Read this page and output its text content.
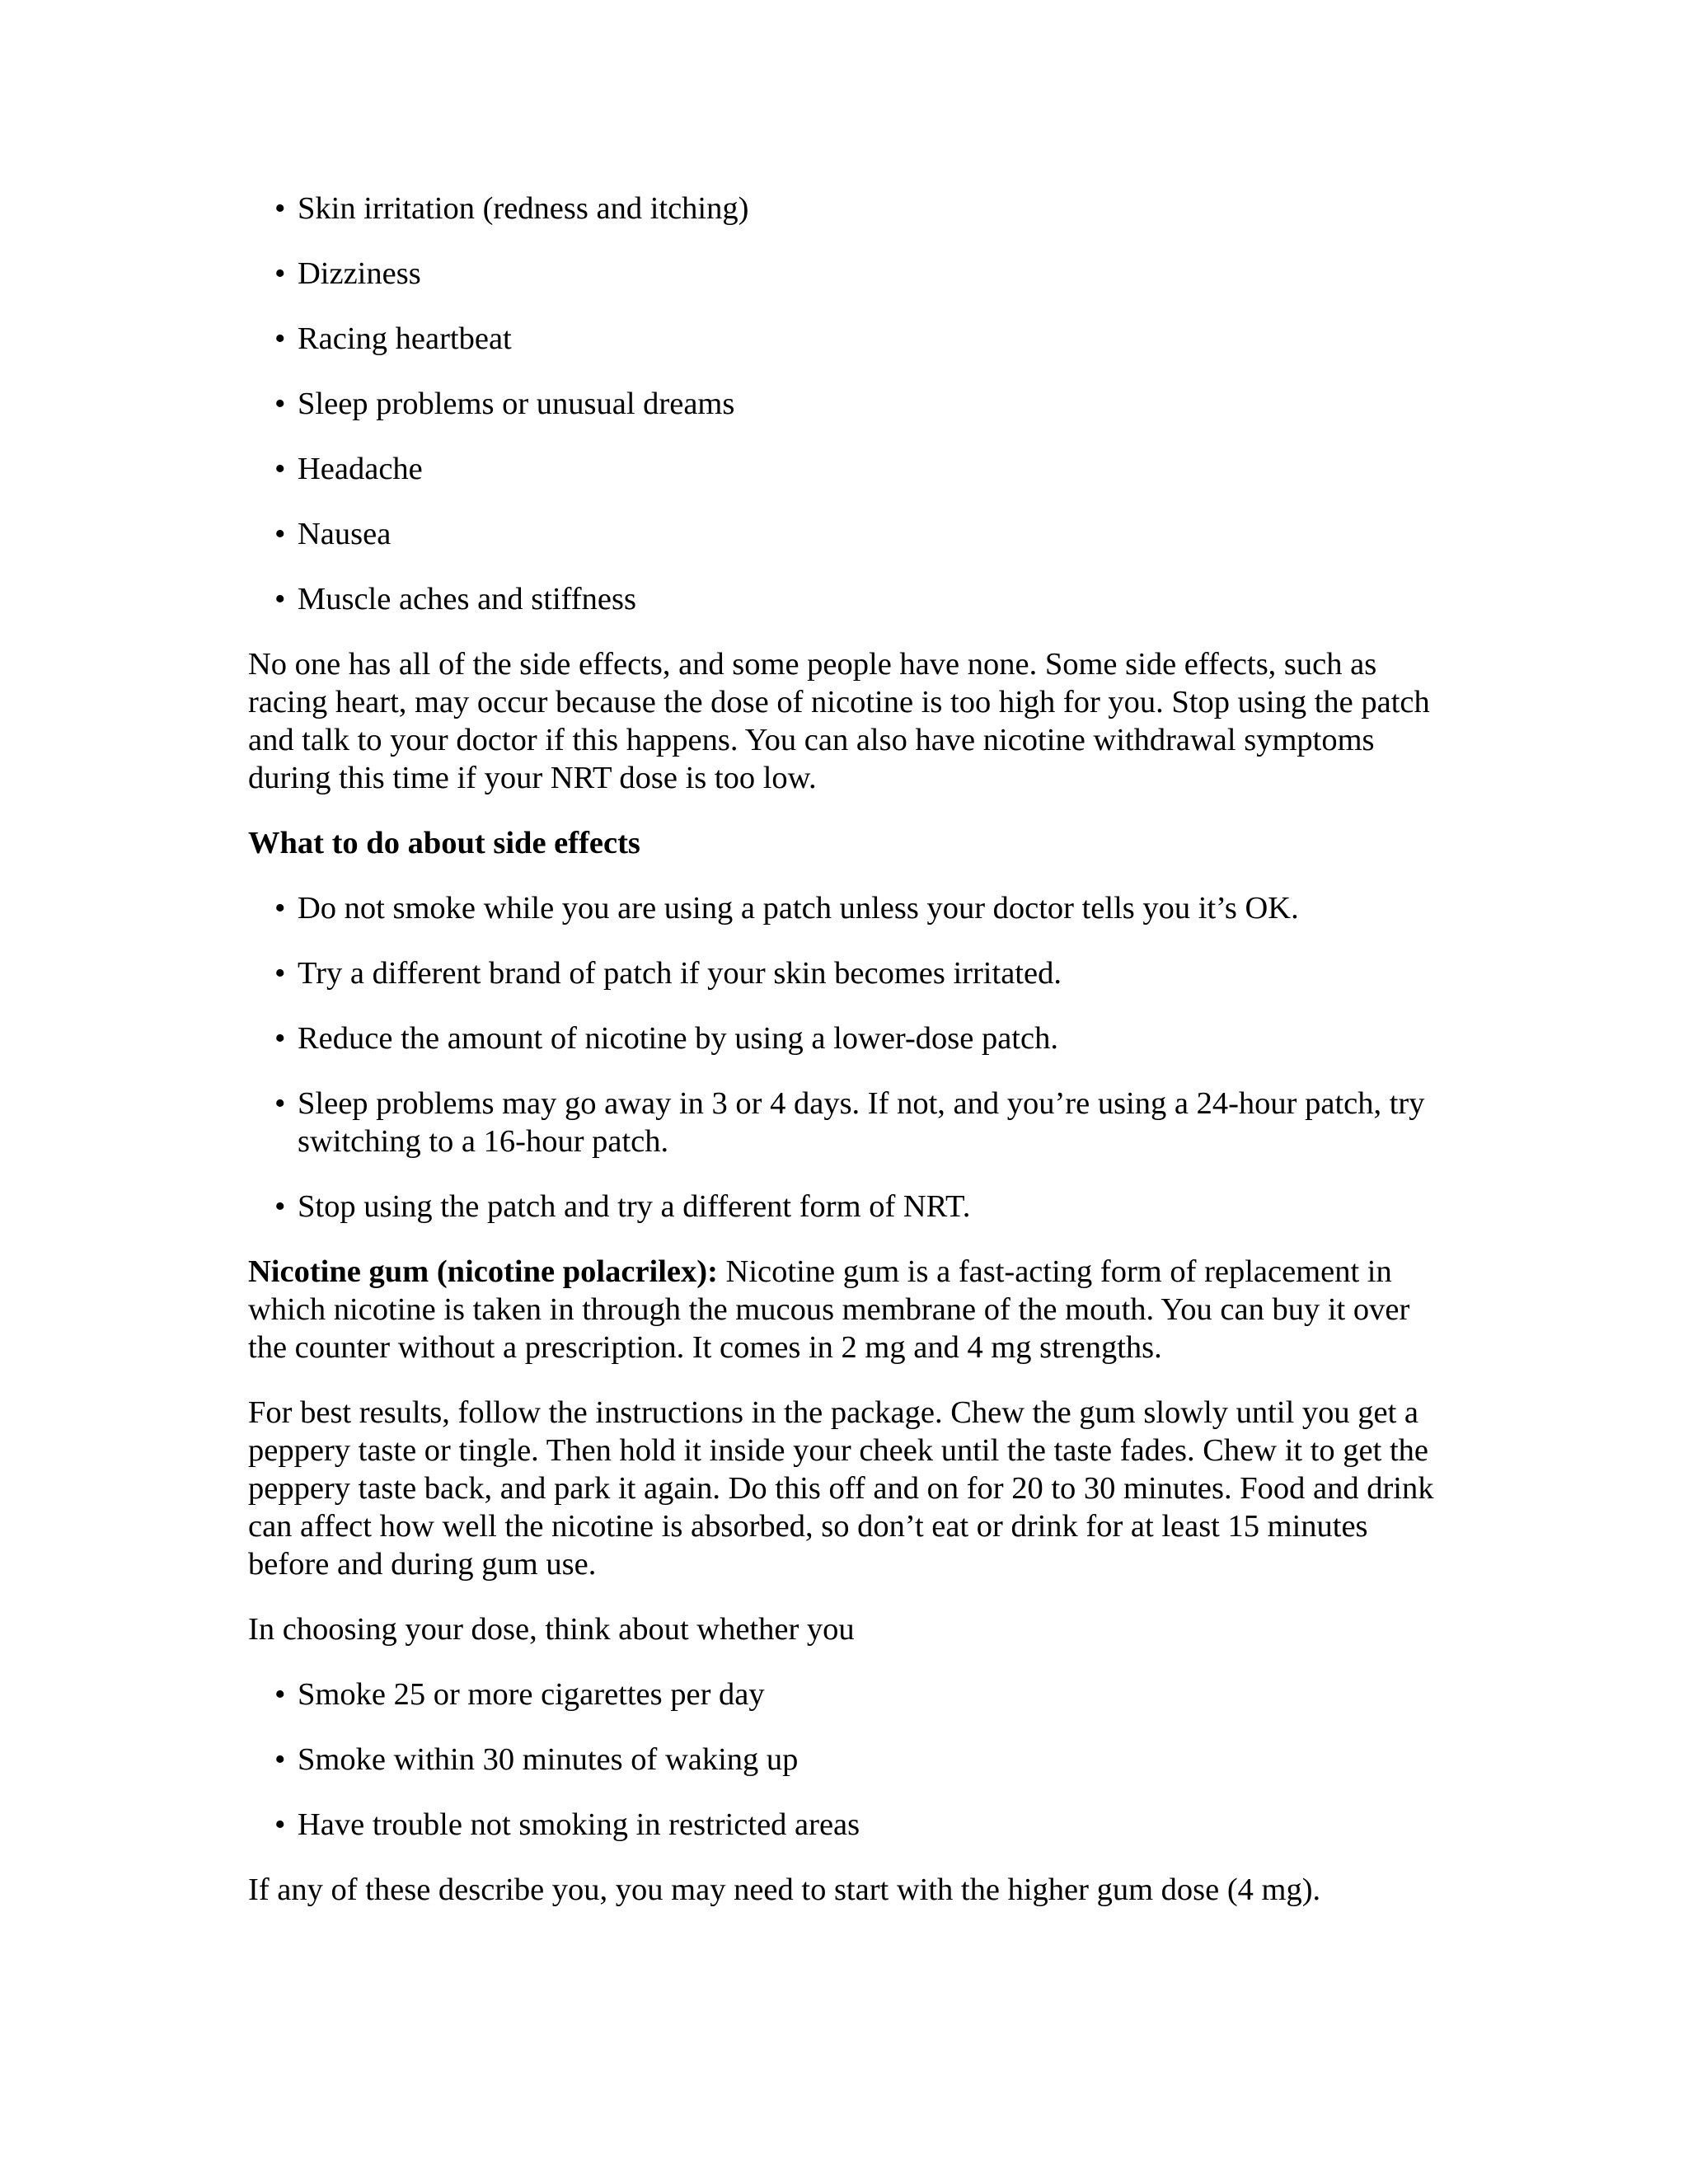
• Skin irritation (redness and itching)
• Dizziness
• Racing heartbeat
• Sleep problems or unusual dreams
• Headache
• Nausea
• Muscle aches and stiffness

No one has all of the side effects, and some people have none. Some side effects, such as racing heart, may occur because the dose of nicotine is too high for you. Stop using the patch and talk to your doctor if this happens. You can also have nicotine withdrawal symptoms during this time if your NRT dose is too low.

What to do about side effects

• Do not smoke while you are using a patch unless your doctor tells you it’s OK.
• Try a different brand of patch if your skin becomes irritated.
• Reduce the amount of nicotine by using a lower-dose patch.
• Sleep problems may go away in 3 or 4 days. If not, and you’re using a 24-hour patch, try switching to a 16-hour patch.
• Stop using the patch and try a different form of NRT.

Nicotine gum (nicotine polacrilex): Nicotine gum is a fast-acting form of replacement in which nicotine is taken in through the mucous membrane of the mouth. You can buy it over the counter without a prescription. It comes in 2 mg and 4 mg strengths.

For best results, follow the instructions in the package. Chew the gum slowly until you get a peppery taste or tingle. Then hold it inside your cheek until the taste fades. Chew it to get the peppery taste back, and park it again. Do this off and on for 20 to 30 minutes. Food and drink can affect how well the nicotine is absorbed, so don’t eat or drink for at least 15 minutes before and during gum use.

In choosing your dose, think about whether you

• Smoke 25 or more cigarettes per day
• Smoke within 30 minutes of waking up
• Have trouble not smoking in restricted areas

If any of these describe you, you may need to start with the higher gum dose (4 mg).
